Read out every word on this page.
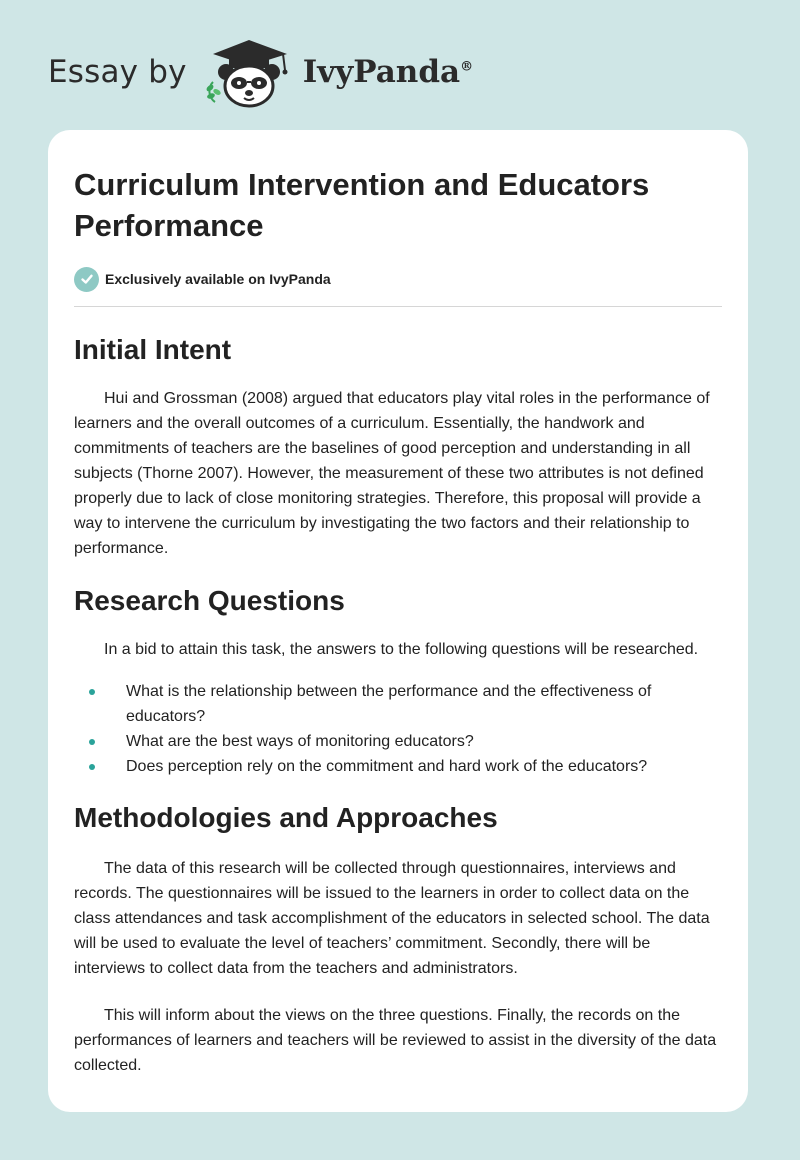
Essay by	IvyPanda®
Curriculum Intervention and Educators Performance
Exclusively available on IvyPanda
Initial Intent

Hui and Grossman (2008) argued that educators play vital roles in the performance of learners and the overall outcomes of a curriculum. Essentially, the handwork and commitments of teachers are the baselines of good perception and understanding in all subjects (Thorne 2007). However, the measurement of these two attributes is not defined properly due to lack of close monitoring strategies. Therefore, this proposal will provide a way to intervene the curriculum by investigating the two factors and their relationship to performance.

Research Questions

In a bid to attain this task, the answers to the following questions will be researched.

What is the relationship between the performance and the effectiveness of educators?
What are the best ways of monitoring educators?
Does perception rely on the commitment and hard work of the educators?
Methodologies and Approaches

The data of this research will be collected through questionnaires, interviews and records. The questionnaires will be issued to the learners in order to collect data on the class attendances and task accomplishment of the educators in selected school. The data will be used to evaluate the level of teachers’ commitment. Secondly, there will be interviews to collect data from the teachers and administrators.

This will inform about the views on the three questions. Finally, the records on the performances of learners and teachers will be reviewed to assist in the diversity of the data collected.
